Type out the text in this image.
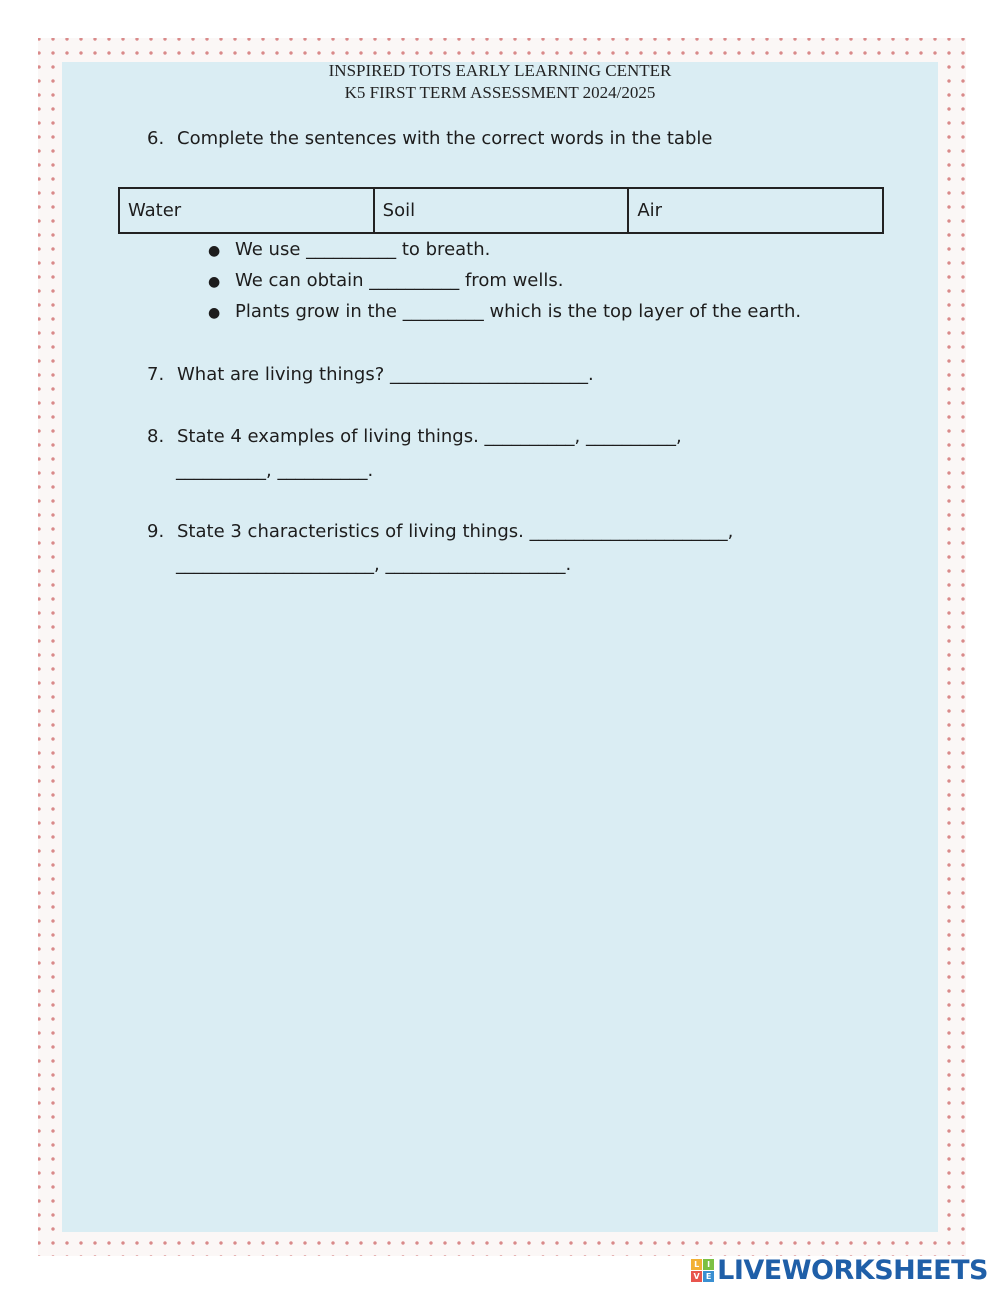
INSPIRED TOTS EARLY LEARNING CENTER
K5 FIRST TERM ASSESSMENT 2024/2025
6. Complete the sentences with the correct words in the table
Water	Soil	Air
● We use __________ to breath.
● We can obtain __________ from wells.
● Plants grow in the _________ which is the top layer of the earth.
7. What are living things? ______________________.
8. State 4 examples of living things. __________, __________,
__________, __________.
9. State 3 characteristics of living things. ______________________,
______________________, ____________________.
L I
V E LIVEWORKSHEETS
